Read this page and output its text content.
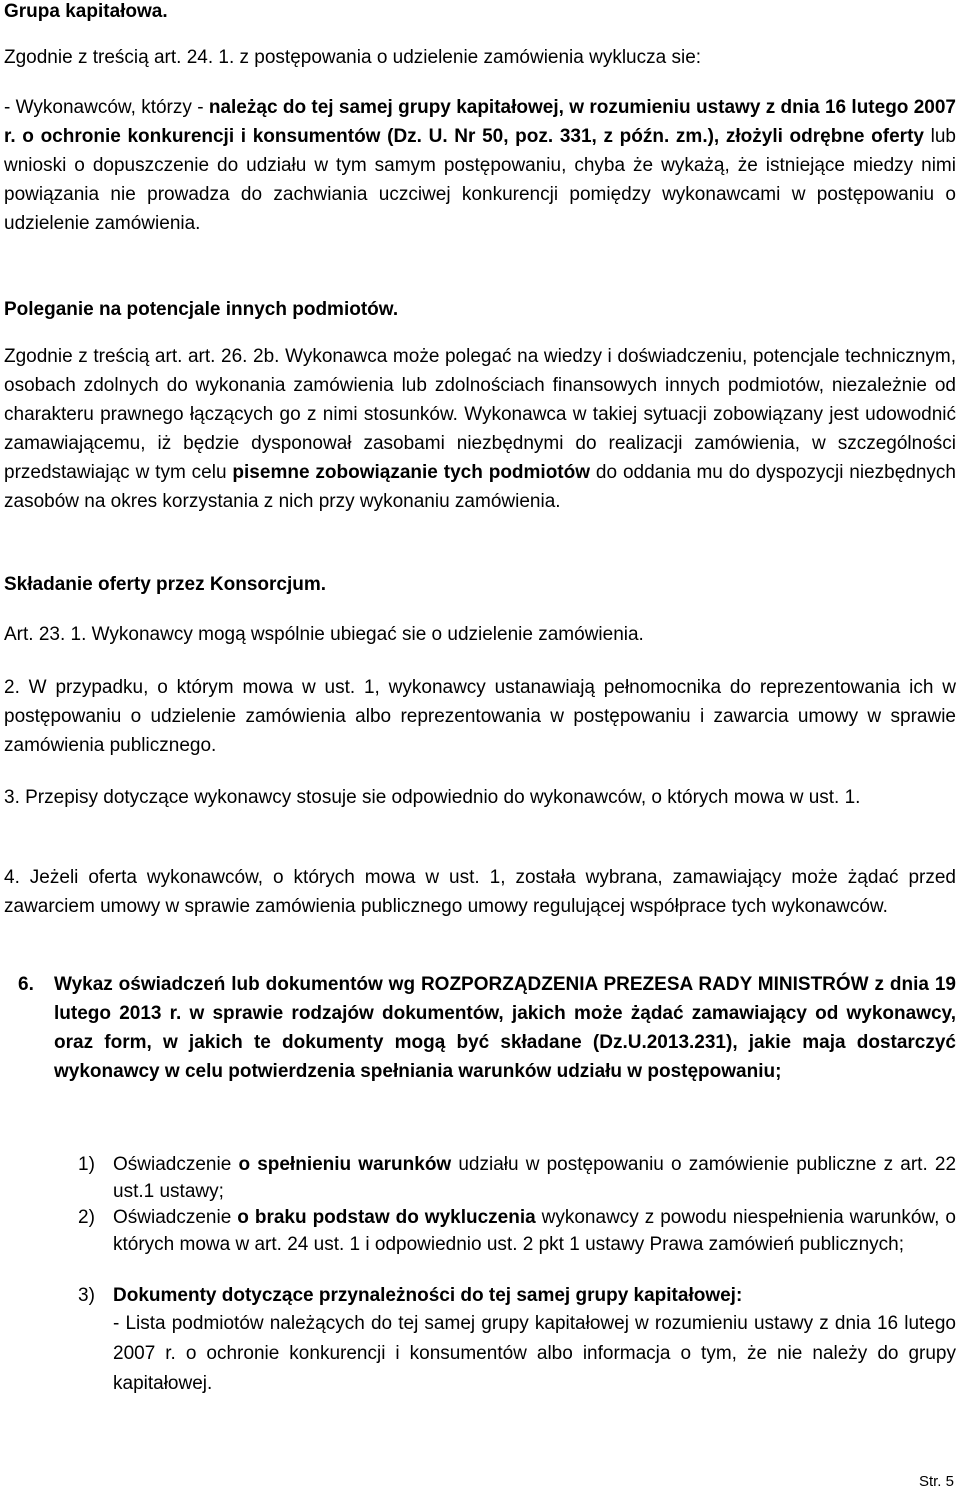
Grupa kapitałowa.

Zgodnie z treścią art. 24. 1. z postępowania o udzielenie zamówienia wyklucza sie:

- Wykonawców, którzy - należąc do tej samej grupy kapitałowej, w rozumieniu ustawy z dnia 16 lutego 2007 r. o ochronie konkurencji i konsumentów (Dz. U. Nr 50, poz. 331, z późn. zm.), złożyli odrębne oferty lub wnioski o dopuszczenie do udziału w tym samym postępowaniu, chyba że wykażą, że istniejące miedzy nimi powiązania nie prowadza do zachwiania uczciwej konkurencji pomiędzy wykonawcami w postępowaniu o udzielenie zamówienia.

Poleganie na potencjale innych podmiotów.

Zgodnie z treścią art. art. 26. 2b. Wykonawca może polegać na wiedzy i doświadczeniu, potencjale technicznym, osobach zdolnych do wykonania zamówienia lub zdolnościach finansowych innych podmiotów, niezależnie od charakteru prawnego łączących go z nimi stosunków. Wykonawca w takiej sytuacji zobowiązany jest udowodnić zamawiającemu, iż będzie dysponował zasobami niezbędnymi do realizacji zamówienia, w szczególności przedstawiając w tym celu pisemne zobowiązanie tych podmiotów do oddania mu do dyspozycji niezbędnych zasobów na okres korzystania z nich przy wykonaniu zamówienia.

Składanie oferty przez Konsorcjum.

Art. 23. 1. Wykonawcy mogą wspólnie ubiegać sie o udzielenie zamówienia.

2. W przypadku, o którym mowa w ust. 1, wykonawcy ustanawiają pełnomocnika do reprezentowania ich w postępowaniu o udzielenie zamówienia albo reprezentowania w postępowaniu i zawarcia umowy w sprawie zamówienia publicznego.

3. Przepisy dotyczące wykonawcy stosuje sie odpowiednio do wykonawców, o których mowa w ust. 1.

4. Jeżeli oferta wykonawców, o których mowa w ust. 1, została wybrana, zamawiający może żądać przed zawarciem umowy w sprawie zamówienia publicznego umowy regulującej współprace tych wykonawców.

6. Wykaz oświadczeń lub dokumentów wg ROZPORZĄDZENIA PREZESA RADY MINISTRÓW z dnia 19 lutego 2013 r. w sprawie rodzajów dokumentów, jakich może żądać zamawiający od wykonawcy, oraz form, w jakich te dokumenty mogą być składane (Dz.U.2013.231), jakie maja dostarczyć wykonawcy w celu potwierdzenia spełniania warunków udziału w postępowaniu;

1) Oświadczenie o spełnieniu warunków udziału w postępowaniu o zamówienie publiczne z art. 22 ust.1 ustawy;

2) Oświadczenie o braku podstaw do wykluczenia wykonawcy z powodu niespełnienia warunków, o których mowa w art. 24 ust. 1 i odpowiednio ust. 2 pkt 1 ustawy Prawa zamówień publicznych;

3) Dokumenty dotyczące przynależności do tej samej grupy kapitałowej:
- Lista podmiotów należących do tej samej grupy kapitałowej w rozumieniu ustawy z dnia 16 lutego 2007 r. o ochronie konkurencji i konsumentów albo informacja o tym, że nie należy do grupy kapitałowej.
Str. 5
